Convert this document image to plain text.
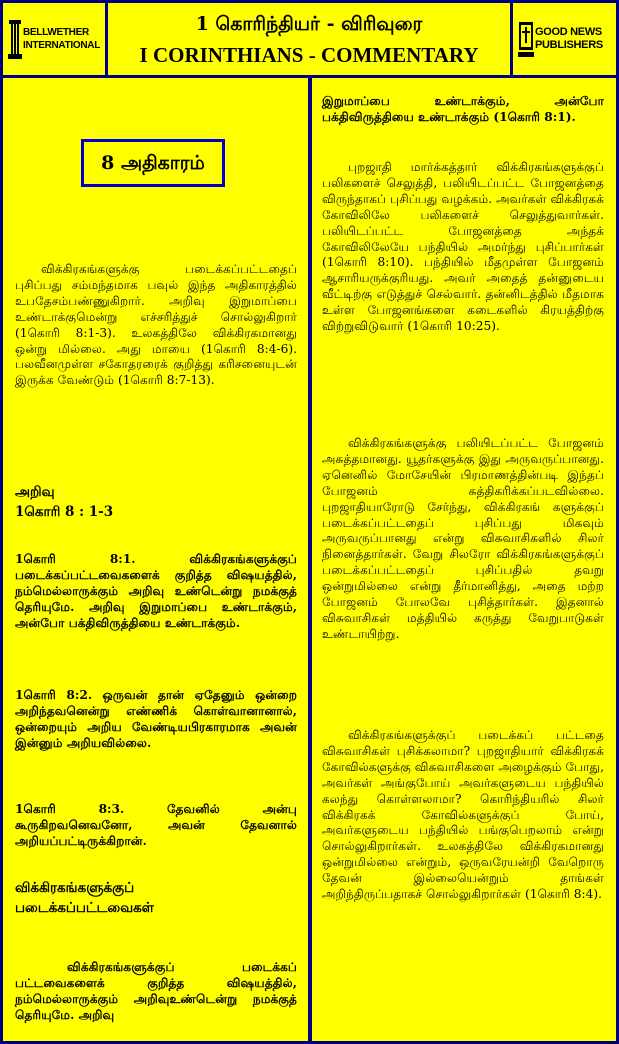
BELLWETHER
INTERNATIONAL
1 கொரிந்தியர் - விரிவுரை
I CORINTHIANS - COMMENTARY
GOOD NEWS
PUBLISHERS
8 அதிகாரம்

விக்கிரகங்களுக்கு படைக்கப்பட்டதைப் புசிப்பது சம்மந்தமாக பவுல் இந்த அதிகாரத்தில் உபதேசம்பண்ணுகிறார். அறிவு இறுமாப்பை உண்டாக்குமென்று எச்சரித்துச் சொல்லுகிறார் (1கொரி 8:1-3). உலகத்திலே விக்கிரகமானது ஒன்று மில்லை. அது மாயை (1கொரி 8:4-6). பலவீனமுள்ள சகோதரரைக் குறித்து கரிசனையுடன் இருக்க வேண்டும் (1கொரி 8:7-13).

அறிவு
1கொரி 8 : 1-3

1கொரி 8:1. விக்கிரகங்களுக்குப் படைக்கப்பட்டவைகளைக் குறித்த விஷயத்தில், நம்மெல்லாருக்கும் அறிவு உண்டென்று நமக்குத் தெரியுமே. அறிவு இறுமாப்பை உண்டாக்கும், அன்போ பக்திவிருத்தியை உண்டாக்கும்.

1கொரி 8:2. ஒருவன் தான் ஏதேனும் ஒன்றை அறிந்தவனென்று எண்ணிக் கொள்வானானால், ஒன்றையும் அறிய வேண்டியபிரகாரமாக அவன் இன்னும் அறியவில்லை.

1கொரி 8:3. தேவனில் அன்பு கூருகிறவனெவனோ, அவன் தேவனால் அறியப்பட்டிருக்கிறான்.

விக்கிரகங்களுக்குப் படைக்கப்பட்டவைகள்

விக்கிரகங்களுக்குப் படைக்கப் பட்டவைகளைக் குறித்த விஷயத்தில், நம்மெல்லாருக்கும் அறிவுஉண்டென்று நமக்குத் தெரியுமே. அறிவு

இறுமாப்பை உண்டாக்கும், அன்போ பக்திவிருத்தியை உண்டாக்கும் (1கொரி 8:1).

புறஜாதி மார்க்கத்தார் விக்கிரகங்களுக்குப் பலிகளைச் செலுத்தி, பலியிடப்பட்ட போஜனத்தை விருந்தாகப் புசிப்பது வழக்கம். அவர்கள் விக்கிரகக் கோவிலிலே பலிகளைச் செலுத்துவார்கள். பலியிடப்பட்ட போஜனத்தை அந்தக் கோவிலிலேயே பந்தியில் அமர்ந்து புசிப்பார்கள் (1கொரி 8:10). பந்தியில் மீதமுள்ள போஜனம் ஆசாரியருக்குரியது. அவர் அதைத் தன்னுடைய வீட்டிற்கு எடுத்துச் செல்வார். தன்னிடத்தில் மீதமாக உள்ள போஜனங்களை கடைகளில் கிரயத்திற்கு விற்றுவிடுவார் (1கொரி 10:25).

விக்கிரகங்களுக்கு பலியிடப்பட்ட போஜனம் அசுத்தமானது. யூதர்களுக்கு இது அருவருப்பானது. ஏனெனில் மோசேயின் பிரமாணத்தின்படி இந்தப் போஜனம் சுத்திகரிக்கப்படவில்லை. புறஜாதியாரோடு சேர்ந்து, விக்கிரகங் களுக்குப் படைக்கப்பட்டதைப் புசிப்பது மிகவும் அருவருப்பானது என்று விசுவாசிகளில் சிலர் நினைத்தார்கள். வேறு சிலரோ விக்கிரகங்களுக்குப் படைக்கப்பட்டதைப் புசிப்பதில் தவறு ஒன்றுமில்லை என்று தீர்மானித்து, அதை மற்ற போஜனம் போலவே புசித்தார்கள். இதனால் விசுவாசிகள் மத்தியில் கருத்து வேறுபாடுகள் உண்டாயிற்று.

விக்கிரகங்களுக்குப் படைக்கப் பட்டதை விசுவாசிகள் புசிக்கலாமா? புறஜாதியார் விக்கிரகக் கோவில்களுக்கு விசுவாசிகளை அழைக்கும் போது, அவர்கள் அங்குபோய் அவர்களுடைய பந்தியில் கலந்து கொள்ளலாமா? கொரிந்தியரில் சிலர் விக்கிரகக் கோவில்களுக்குப் போய், அவர்களுடைய பந்தியில் பங்குபெறலாம் என்று சொல்லுகிறார்கள். உலகத்திலே விக்கிரகமானது ஒன்றுமில்லை என்றும், ஒருவரேயன்றி வேறொரு தேவன் இல்லையென்றும் தாங்கள் அறிந்திருப்பதாகச் சொல்லுகிறார்கள் (1கொரி 8:4).
